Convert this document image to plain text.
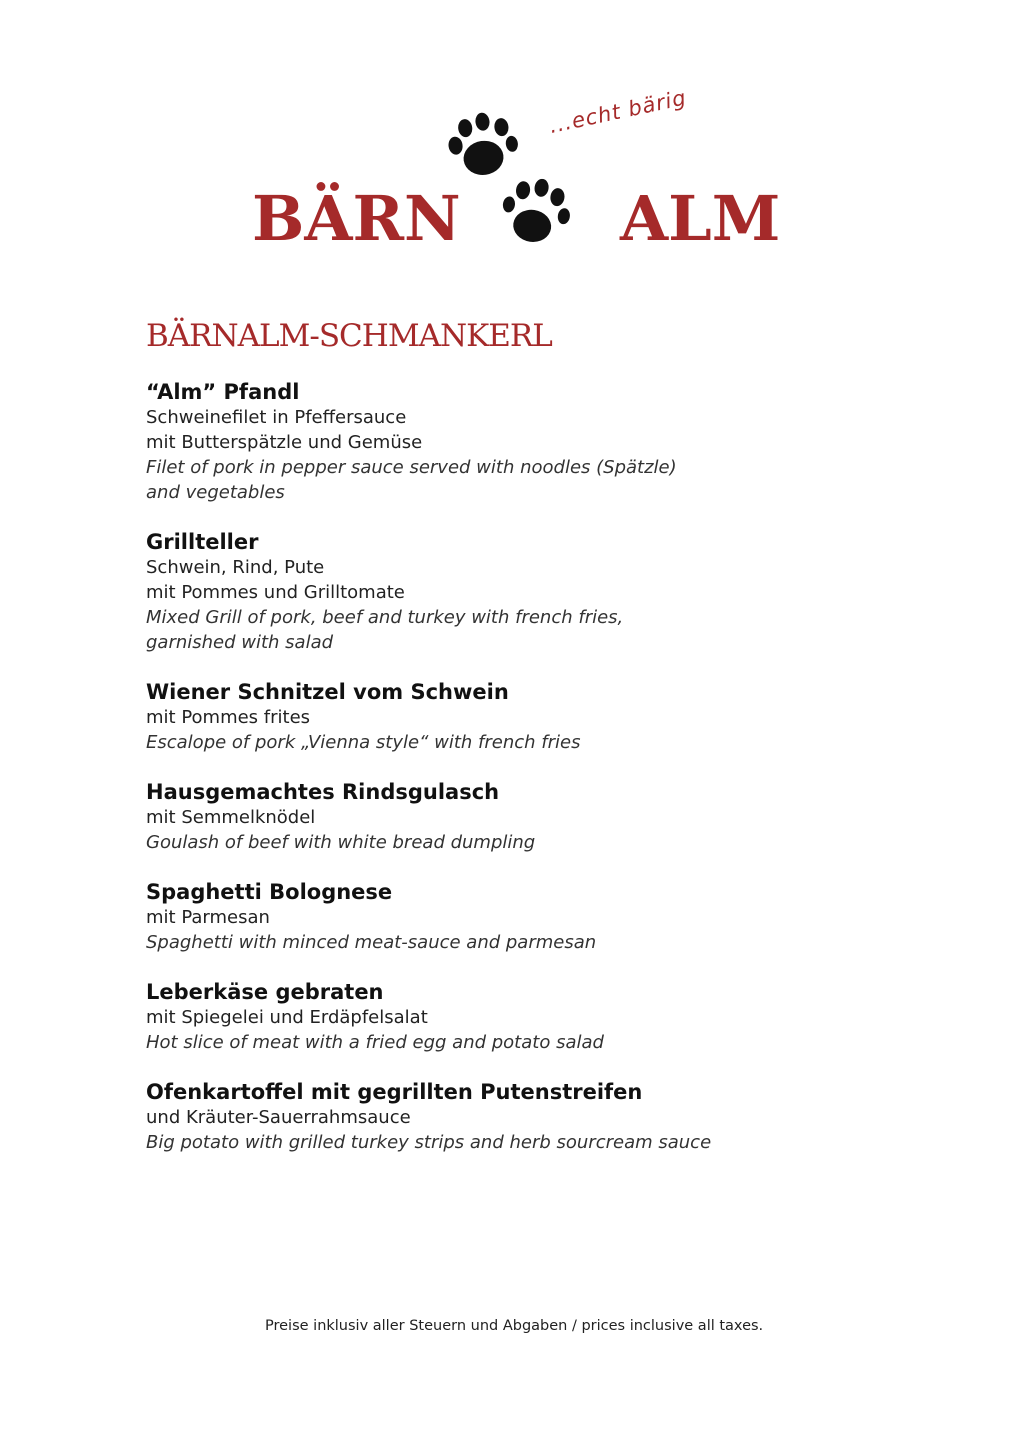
BÄRN	ALM
...echt bärig
BÄRNALM-SCHMANKERL
“Alm” Pfandl
Schweinefilet in Pfeffersauce
mit Butterspätzle und Gemüse
Filet of pork in pepper sauce served with noodles (Spätzle)
and vegetables
Grillteller
Schwein, Rind, Pute
mit Pommes und Grilltomate
Mixed Grill of pork, beef and turkey with french fries,
garnished with salad
Wiener Schnitzel vom Schwein
mit Pommes frites
Escalope of pork „Vienna style“ with french fries
Hausgemachtes Rindsgulasch
mit Semmelknödel
Goulash of beef with white bread dumpling
Spaghetti Bolognese
mit Parmesan
Spaghetti with minced meat-sauce and parmesan
Leberkäse gebraten
mit Spiegelei und Erdäpfelsalat
Hot slice of meat with a fried egg and potato salad
Ofenkartoffel mit gegrillten Putenstreifen
und Kräuter-Sauerrahmsauce
Big potato with grilled turkey strips and herb sourcream sauce
Preise inklusiv aller Steuern und Abgaben / prices inclusive all taxes.
